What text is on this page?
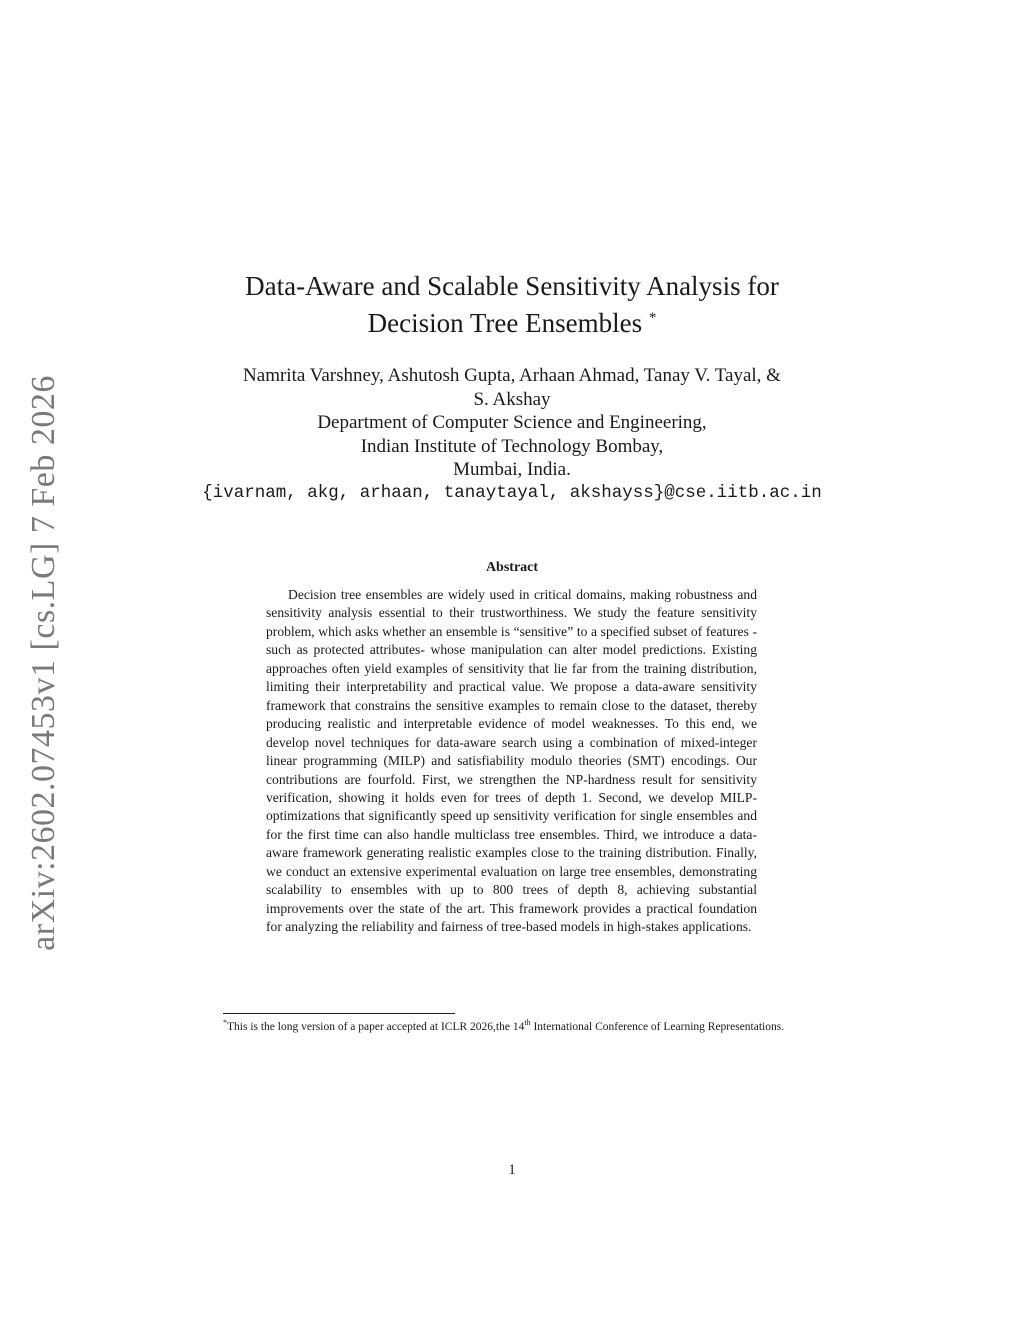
arXiv:2602.07453v1 [cs.LG] 7 Feb 2026
Data-Aware and Scalable Sensitivity Analysis for
Decision Tree Ensembles *
Namrita Varshney, Ashutosh Gupta, Arhaan Ahmad, Tanay V. Tayal, &
S. Akshay
Department of Computer Science and Engineering,
Indian Institute of Technology Bombay,
Mumbai, India.
{ivarnam, akg, arhaan, tanaytayal, akshayss}@cse.iitb.ac.in
Abstract

Decision tree ensembles are widely used in critical domains, making robustness and sensitivity analysis essential to their trustworthiness. We study the feature sensitivity problem, which asks whether an ensemble is “sensitive” to a specified subset of features - such as protected attributes- whose manipulation can alter model predictions. Existing approaches often yield examples of sensitivity that lie far from the training distribution, limiting their interpretability and practical value. We propose a data-aware sensitivity framework that constrains the sensitive examples to remain close to the dataset, thereby producing realistic and interpretable evidence of model weaknesses. To this end, we develop novel techniques for data-aware search using a combination of mixed-integer linear programming (MILP) and satisfiability modulo theories (SMT) encodings. Our contributions are fourfold. First, we strengthen the NP-hardness result for sensitivity verification, showing it holds even for trees of depth 1. Second, we develop MILP-optimizations that significantly speed up sensitivity verification for single ensembles and for the first time can also handle multiclass tree ensembles. Third, we introduce a data-aware framework generating realistic examples close to the training distribution. Finally, we conduct an extensive experimental evaluation on large tree ensembles, demonstrating scalability to ensembles with up to 800 trees of depth 8, achieving substantial improvements over the state of the art. This framework provides a practical foundation for analyzing the reliability and fairness of tree-based models in high-stakes applications.

*This is the long version of a paper accepted at ICLR 2026,the 14th International Conference of Learning Representations.

1
